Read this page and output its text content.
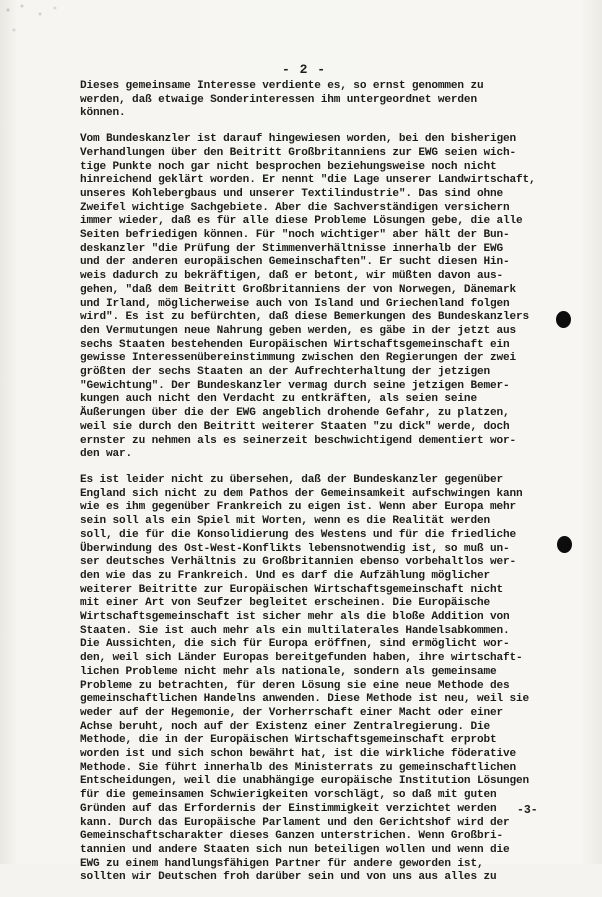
- 2 -

Dieses gemeinsame Interesse verdiente es, so ernst genommen zu
werden, daß etwaige Sonderinteressen ihm untergeordnet werden
können.

Vom Bundeskanzler ist darauf hingewiesen worden, bei den bisherigen
Verhandlungen über den Beitritt Großbritanniens zur EWG seien wich-
tige Punkte noch gar nicht besprochen beziehungsweise noch nicht
hinreichend geklärt worden. Er nennt "die Lage unserer Landwirtschaft,
unseres Kohlebergbaus und unserer Textilindustrie". Das sind ohne
Zweifel wichtige Sachgebiete. Aber die Sachverständigen versichern
immer wieder, daß es für alle diese Probleme Lösungen gebe, die alle
Seiten befriedigen können. Für "noch wichtiger" aber hält der Bun-
deskanzler "die Prüfung der Stimmenverhältnisse innerhalb der EWG
und der anderen europäischen Gemeinschaften". Er sucht diesen Hin-
weis dadurch zu bekräftigen, daß er betont, wir müßten davon aus-
gehen, "daß dem Beitritt Großbritanniens der von Norwegen, Dänemark
und Irland, möglicherweise auch von Island und Griechenland folgen
wird". Es ist zu befürchten, daß diese Bemerkungen des Bundeskanzlers
den Vermutungen neue Nahrung geben werden, es gäbe in der jetzt aus
sechs Staaten bestehenden Europäischen Wirtschaftsgemeinschaft ein
gewisse Interessenübereinstimmung zwischen den Regierungen der zwei
größten der sechs Staaten an der Aufrechterhaltung der jetzigen
"Gewichtung". Der Bundeskanzler vermag durch seine jetzigen Bemer-
kungen auch nicht den Verdacht zu entkräften, als seien seine
Äußerungen über die der EWG angeblich drohende Gefahr, zu platzen,
weil sie durch den Beitritt weiterer Staaten "zu dick" werde, doch
ernster zu nehmen als es seinerzeit beschwichtigend dementiert wor-
den war.

Es ist leider nicht zu übersehen, daß der Bundeskanzler gegenüber
England sich nicht zu dem Pathos der Gemeinsamkeit aufschwingen kann
wie es ihm gegenüber Frankreich zu eigen ist. Wenn aber Europa mehr
sein soll als ein Spiel mit Worten, wenn es die Realität werden
soll, die für die Konsolidierung des Westens und für die friedliche
Überwindung des Ost-West-Konflikts lebensnotwendig ist, so muß un-
ser deutsches Verhältnis zu Großbritannien ebenso vorbehaltlos wer-
den wie das zu Frankreich. Und es darf die Aufzählung möglicher
weiterer Beitritte zur Europäischen Wirtschaftsgemeinschaft nicht
mit einer Art von Seufzer begleitet erscheinen. Die Europäische
Wirtschaftsgemeinschaft ist sicher mehr als die bloße Addition von
Staaten. Sie ist auch mehr als ein multilaterales Handelsabkommen.
Die Aussichten, die sich für Europa eröffnen, sind ermöglicht wor-
den, weil sich Länder Europas bereitgefunden haben, ihre wirtschaft-
lichen Probleme nicht mehr als nationale, sondern als gemeinsame
Probleme zu betrachten, für deren Lösung sie eine neue Methode des
gemeinschaftlichen Handelns anwenden. Diese Methode ist neu, weil sie
weder auf der Hegemonie, der Vorherrschaft einer Macht oder einer
Achse beruht, noch auf der Existenz einer Zentralregierung. Die
Methode, die in der Europäischen Wirtschaftsgemeinschaft erprobt
worden ist und sich schon bewährt hat, ist die wirkliche föderative
Methode. Sie führt innerhalb des Ministerrats zu gemeinschaftlichen
Entscheidungen, weil die unabhängige europäische Institution Lösungen
für die gemeinsamen Schwierigkeiten vorschlägt, so daß mit guten
Gründen auf das Erfordernis der Einstimmigkeit verzichtet werden
kann. Durch das Europäische Parlament und den Gerichtshof wird der
Gemeinschaftscharakter dieses Ganzen unterstrichen. Wenn Großbri-
tannien und andere Staaten sich nun beteiligen wollen und wenn die
EWG zu einem handlungsfähigen Partner für andere geworden ist,
sollten wir Deutschen froh darüber sein und von uns aus alles zu

-3-
